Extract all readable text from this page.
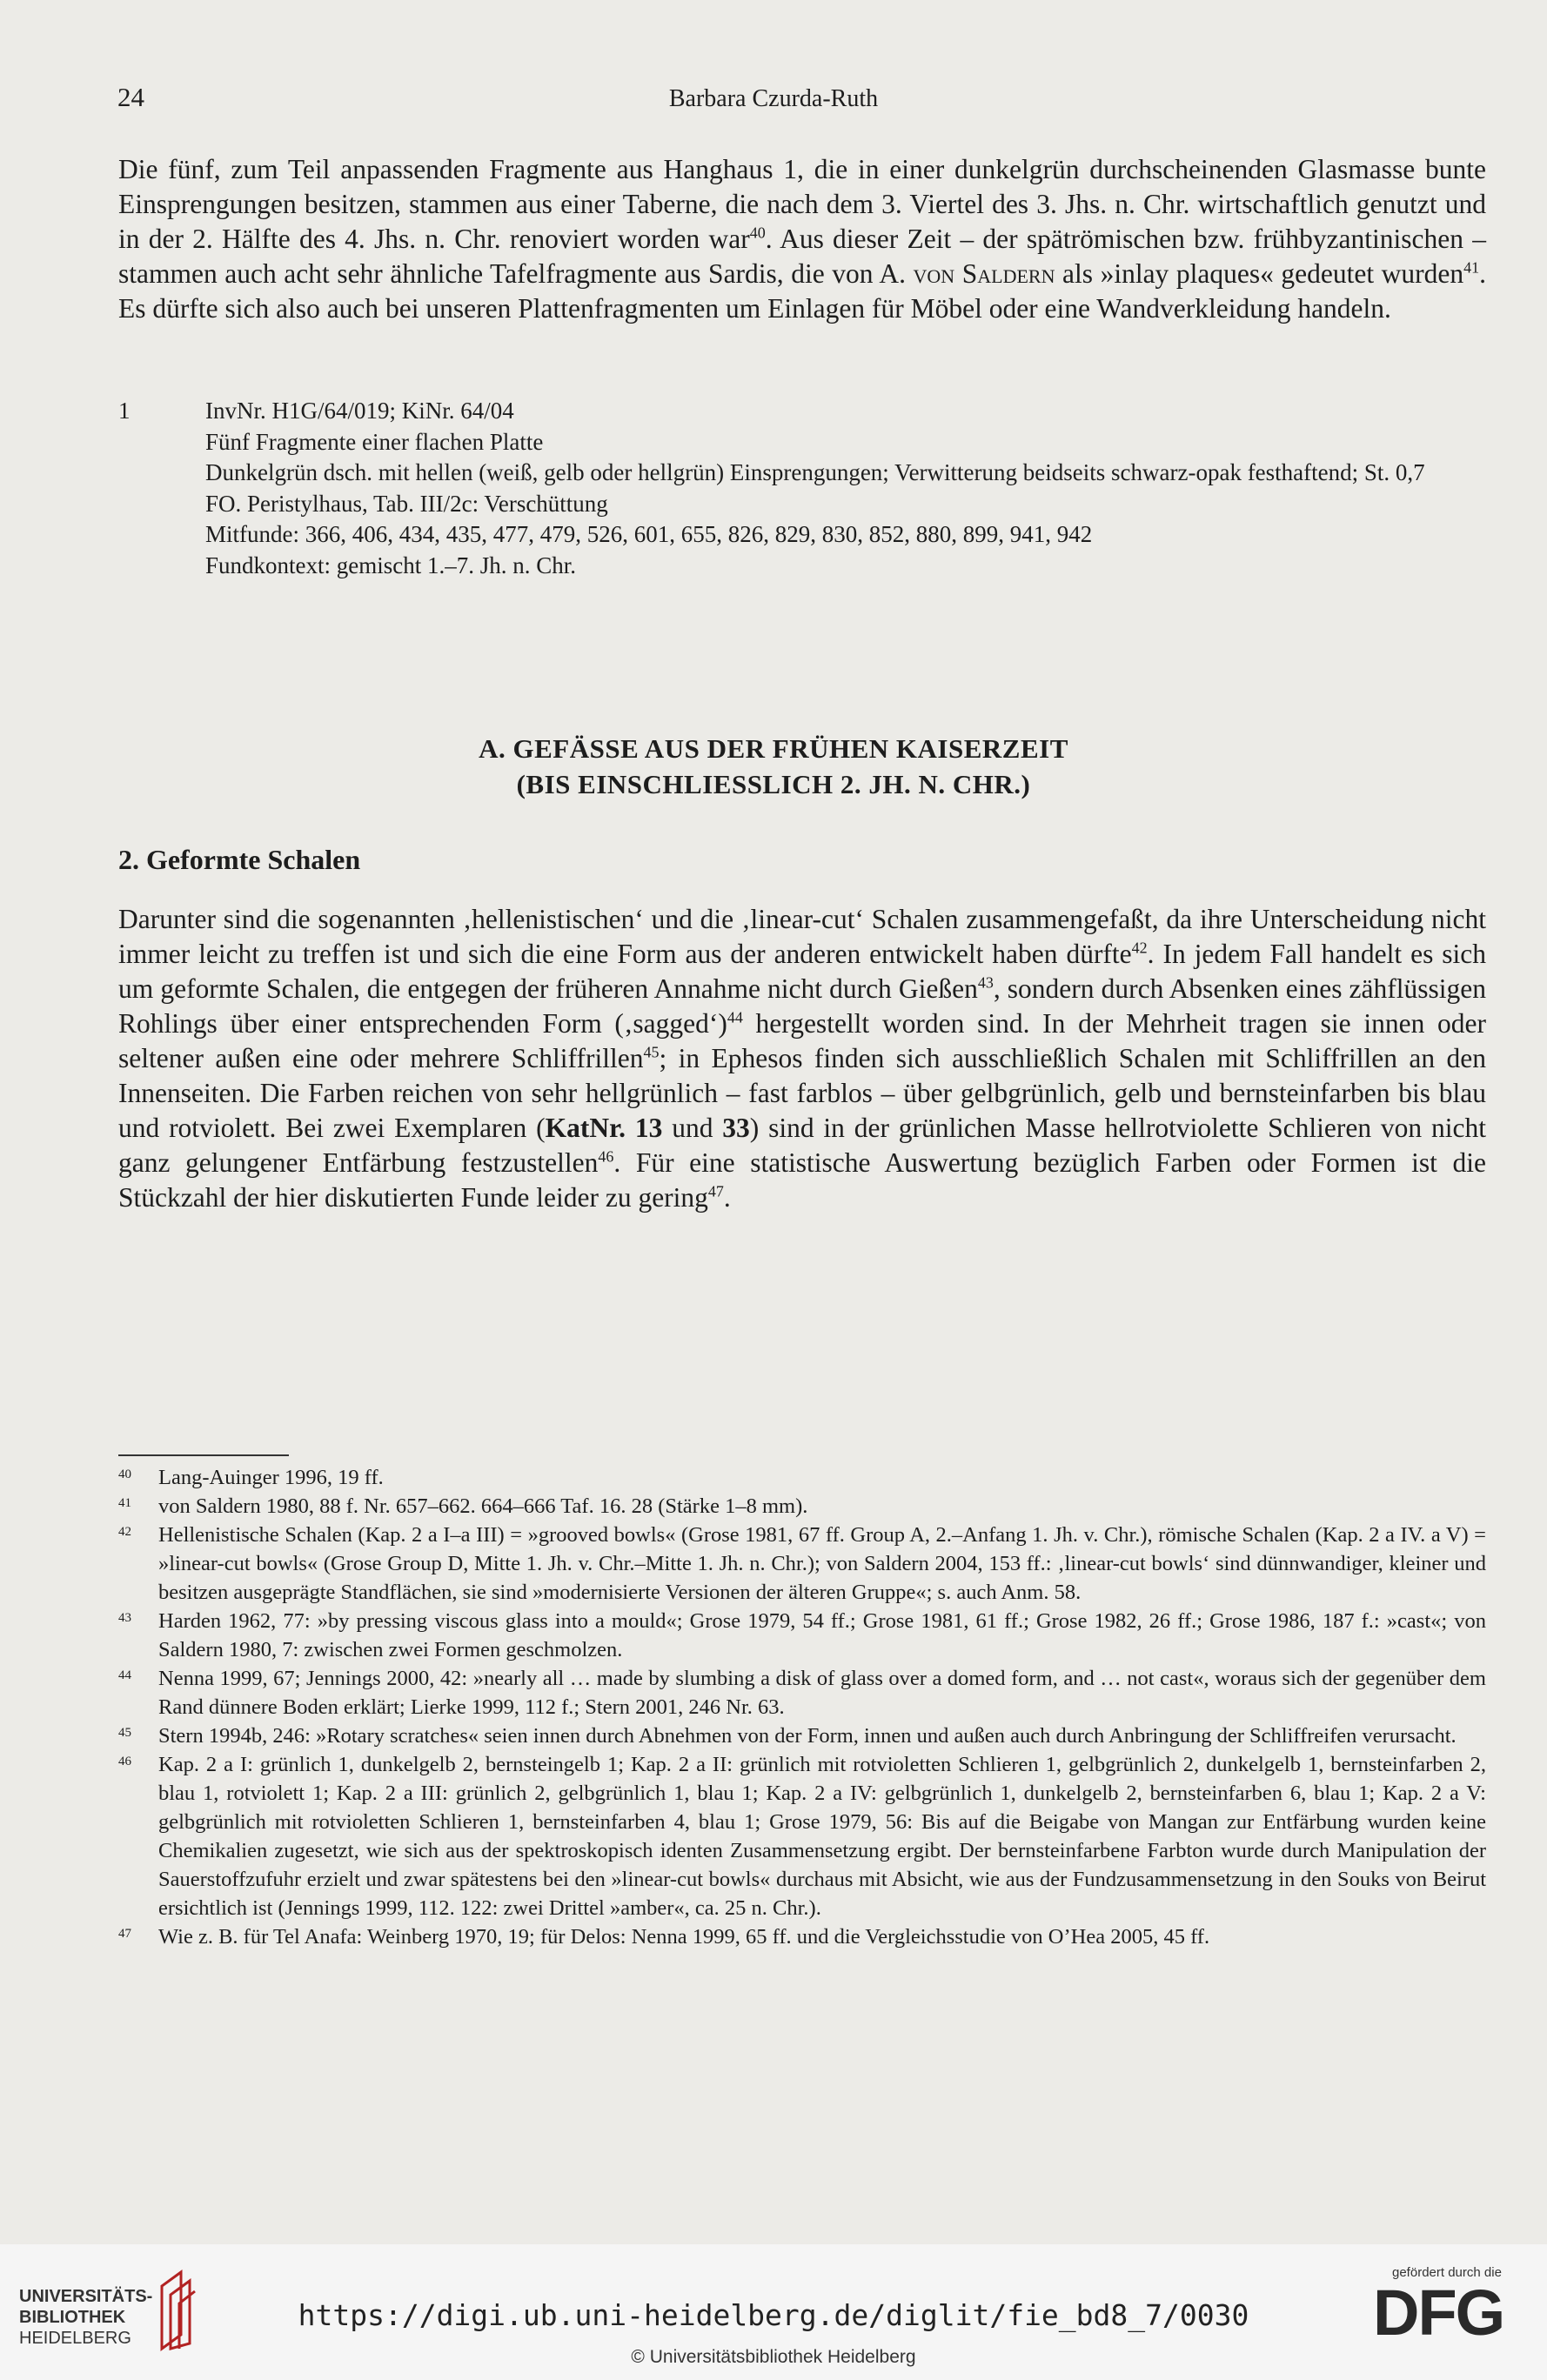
24	Barbara Czurda-Ruth

Die fünf, zum Teil anpassenden Fragmente aus Hanghaus 1, die in einer dunkelgrün durchscheinenden Glasmasse bunte Einsprengungen besitzen, stammen aus einer Taberne, die nach dem 3. Viertel des 3. Jhs. n. Chr. wirtschaftlich genutzt und in der 2. Hälfte des 4. Jhs. n. Chr. renoviert worden war$^{40}$. Aus dieser Zeit – der spätrömischen bzw. frühbyzantinischen – stammen auch acht sehr ähnliche Tafelfragmente aus Sardis, die von A. von Saldern als »inlay plaques« gedeutet wurden$^{41}$. Es dürfte sich also auch bei unseren Plattenfragmenten um Einlagen für Möbel oder eine Wandverkleidung handeln.

1	InvNr. H1G/64/019; KiNr. 64/04
Fünf Fragmente einer flachen Platte
Dunkelgrün dsch. mit hellen (weiß, gelb oder hellgrün) Einsprengungen; Verwitterung beidseits schwarz-opak festhaftend; St. 0,7
FO. Peristylhaus, Tab. III/2c: Verschüttung
Mitfunde: 366, 406, 434, 435, 477, 479, 526, 601, 655, 826, 829, 830, 852, 880, 899, 941, 942
Fundkontext: gemischt 1.–7. Jh. n. Chr.
A. GEFÄSSE AUS DER FRÜHEN KAISERZEIT
(BIS EINSCHLIESSLICH 2. JH. N. CHR.)
2. Geformte Schalen

Darunter sind die sogenannten ‚hellenistischen‘ und die ‚linear-cut‘ Schalen zusammengefaßt, da ihre Unterscheidung nicht immer leicht zu treffen ist und sich die eine Form aus der anderen entwickelt haben dürfte$^{42}$. In jedem Fall handelt es sich um geformte Schalen, die entgegen der früheren Annahme nicht durch Gießen$^{43}$, sondern durch Absenken eines zähflüssigen Rohlings über einer entsprechenden Form (‚sagged‘)$^{44}$ hergestellt worden sind. In der Mehrheit tragen sie innen oder seltener außen eine oder mehrere Schliffrillen$^{45}$; in Ephesos finden sich ausschließlich Schalen mit Schliffrillen an den Innenseiten. Die Farben reichen von sehr hellgrünlich – fast farblos – über gelbgrünlich, gelb und bernsteinfarben bis blau und rotviolett. Bei zwei Exemplaren (KatNr. 13 und 33) sind in der grünlichen Masse hellrotviolette Schlieren von nicht ganz gelungener Entfärbung festzustellen$^{46}$. Für eine statistische Auswertung bezüglich Farben oder Formen ist die Stückzahl der hier diskutierten Funde leider zu gering$^{47}$.

40 Lang-Auinger 1996, 19 ff.

41 von Saldern 1980, 88 f. Nr. 657–662. 664–666 Taf. 16. 28 (Stärke 1–8 mm).

42 Hellenistische Schalen (Kap. 2 a I–a III) = »grooved bowls« (Grose 1981, 67 ff. Group A, 2.–Anfang 1. Jh. v. Chr.), römische Schalen (Kap. 2 a IV. a V) = »linear-cut bowls« (Grose Group D, Mitte 1. Jh. v. Chr.–Mitte 1. Jh. n. Chr.); von Saldern 2004, 153 ff.: ‚linear-cut bowls‘ sind dünnwandiger, kleiner und besitzen ausgeprägte Standflächen, sie sind »modernisierte Versionen der älteren Gruppe«; s. auch Anm. 58.

43 Harden 1962, 77: »by pressing viscous glass into a mould«; Grose 1979, 54 ff.; Grose 1981, 61 ff.; Grose 1982, 26 ff.; Grose 1986, 187 f.: »cast«; von Saldern 1980, 7: zwischen zwei Formen geschmolzen.

44 Nenna 1999, 67; Jennings 2000, 42: »nearly all … made by slumbing a disk of glass over a domed form, and … not cast«, woraus sich der gegenüber dem Rand dünnere Boden erklärt; Lierke 1999, 112 f.; Stern 2001, 246 Nr. 63.

45 Stern 1994b, 246: »Rotary scratches« seien innen durch Abnehmen von der Form, innen und außen auch durch Anbringung der Schliffreifen verursacht.

46 Kap. 2 a I: grünlich 1, dunkelgelb 2, bernsteingelb 1; Kap. 2 a II: grünlich mit rotvioletten Schlieren 1, gelbgrünlich 2, dunkelgelb 1, bernsteinfarben 2, blau 1, rotviolett 1; Kap. 2 a III: grünlich 2, gelbgrünlich 1, blau 1; Kap. 2 a IV: gelbgrünlich 1, dunkelgelb 2, bernsteinfarben 6, blau 1; Kap. 2 a V: gelbgrünlich mit rotvioletten Schlieren 1, bernsteinfarben 4, blau 1; Grose 1979, 56: Bis auf die Beigabe von Mangan zur Entfärbung wurden keine Chemikalien zugesetzt, wie sich aus der spektroskopisch identen Zusammensetzung ergibt. Der bernsteinfarbene Farbton wurde durch Manipulation der Sauerstoffzufuhr erzielt und zwar spätestens bei den »linear-cut bowls« durchaus mit Absicht, wie aus der Fundzusammensetzung in den Souks von Beirut ersichtlich ist (Jennings 1999, 112. 122: zwei Drittel »amber«, ca. 25 n. Chr.).

47 Wie z. B. für Tel Anafa: Weinberg 1970, 19; für Delos: Nenna 1999, 65 ff. und die Vergleichsstudie von O’Hea 2005, 45 ff.

UNIVERSITÄTS-
BIBLIOTHEK
HEIDELBERG
https://digi.ub.uni-heidelberg.de/diglit/fie_bd8_7/0030
© Universitätsbibliothek Heidelberg
gefördert durch die
DFG
